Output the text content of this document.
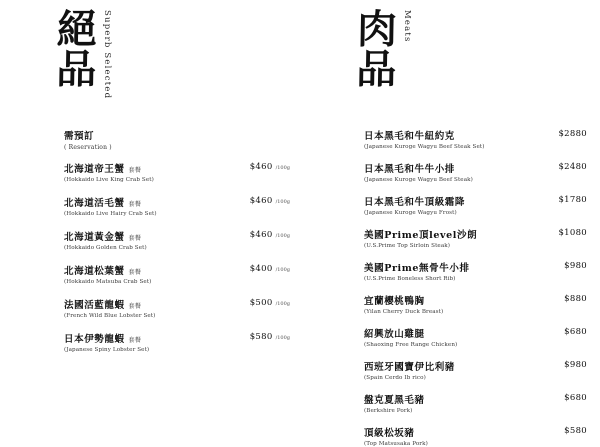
絕品 Superb Selected
需預訂
( Reservation )
北海道帝王蟹 套餐
(Hokkaido Live King Crab Set)
$460 /100g
北海道活毛蟹 套餐
(Hokkaido Live Hairy Crab Set)
$460 /100g
北海道黃金蟹 套餐
(Hokkaido Golden Crab Set)
$460 /100g
北海道松葉蟹 套餐
(Hokkaido Matsuba Crab Set)
$400 /100g
法國活藍龍蝦 套餐
(French Wild Blue Lobster Set)
$500 /100g
日本伊勢龍蝦 套餐
(Japanese Spiny Lobster Set)
$580 /100g
肉品 Meats
日本黑毛和牛紐約克
(Japanese Kuroge Wagyu Beef Steak Set)
$2880
日本黑毛和牛牛小排
(Japanese Kuroge Wagyu Beef Steak)
$2480
日本黑毛和牛頂級霜降
(Japanese Kuroge Wagyu Frost)
$1780
美國Prime頂level沙朗
(U.S.Prime Top Sirloin Steak)
$1080
美國Prime無骨牛小排
(U.S.Prime Boneless Short Rib)
$980
宜蘭櫻桃鴨胸
(Yilan Cherry Duck Breast)
$880
紹興放山雞腿
(Shaoxing Free Range Chicken)
$680
西班牙國寶伊比利豬
(Spain Cerdo Ib rico)
$980
盤克夏黑毛豬
(Berkshire Pork)
$680
頂級松坂豬
(Top Matsusaka Pork)
$580
